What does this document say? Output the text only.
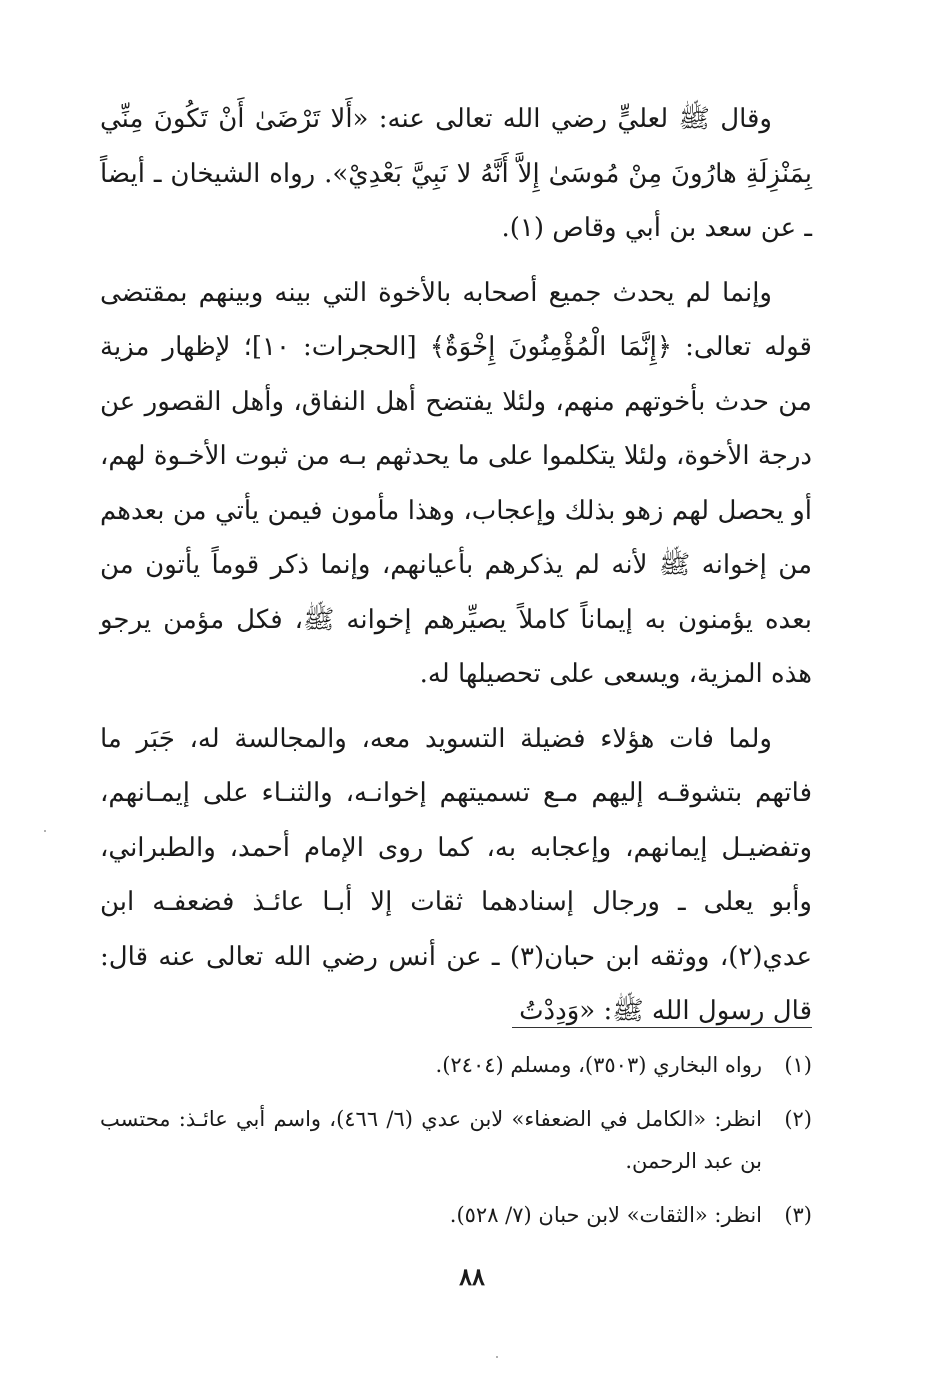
وقال ﷺ لعليٍّ رضي الله تعالى عنه: «أَلا تَرْضَىٰ أَنْ تَكُونَ مِنِّي بِمَنْزِلَةِ هارُونَ مِنْ مُوسَىٰ إِلاَّ أَنَّهُ لا نَبِيَّ بَعْدِيْ». رواه الشيخان ـ أيضاً ـ عن سعد بن أبي وقاص (١).

وإنما لم يحدث جميع أصحابه بالأخوة التي بينه وبينهم بمقتضى قوله تعالى: ﴿إِنَّمَا الْمُؤْمِنُونَ إِخْوَةٌ﴾ [الحجرات: ١٠]؛ لإظهار مزية من حدث بأخوتهم منهم، ولئلا يفتضح أهل النفاق، وأهل القصور عن درجة الأخوة، ولئلا يتكلموا على ما يحدثهم بـه من ثبوت الأخـوة لهم، أو يحصل لهم زهو بذلك وإعجاب، وهذا مأمون فيمن يأتي من بعدهم من إخوانه ﷺ لأنه لم يذكرهم بأعيانهم، وإنما ذكر قوماً يأتون من بعده يؤمنون به إيماناً كاملاً يصيِّرهم إخوانه ﷺ، فكل مؤمن يرجو هذه المزية، ويسعى على تحصيلها له.

ولما فات هؤلاء فضيلة التسويد معه، والمجالسة له، جَبَر ما فاتهم بتشوقـه إليهم مـع تسميتهم إخوانـه، والثنـاء على إيمـانهم، وتفضيـل إيمانهم، وإعجابه به، كما روى الإمام أحمد، والطبراني، وأبو يعلى ـ ورجال إسنادهما ثقات إلا أبـا عائـذ فضعفـه ابن عدي(٢)، ووثقه ابن حبان(٣) ـ عن أنس رضي الله تعالى عنه قال: قال رسول الله ﷺ: «وَدِدْتُ

(١)
رواه البخاري (٣٥٠٣)، ومسلم (٢٤٠٤).
(٢)
انظر: «الكامل في الضعفاء» لابن عدي (٦/ ٤٦٦)، واسم أبي عائـذ: محتسب بن عبد الرحمن.
(٣)
انظر: «الثقات» لابن حبان (٧/ ٥٢٨).
٨٨
